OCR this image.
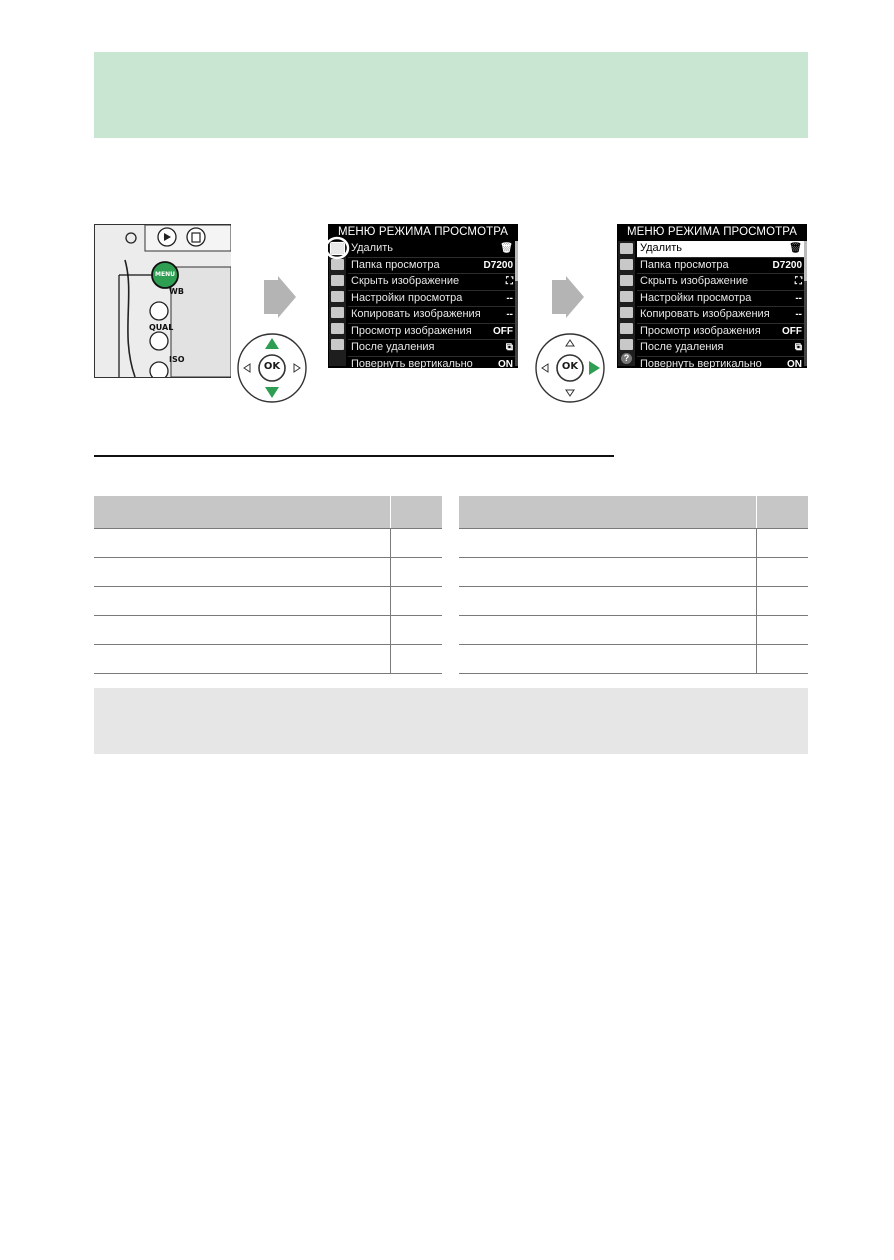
MENU
WB
QUAL
ISO
OK	OK
МЕНЮ РЕЖИМА ПРОСМОТРА
Удалить	🗑
Папка просмотра	D7200
Скрыть изображение	⛶
Настройки просмотра	--
Копировать изображения	--
Просмотр изображения OFF
После удаления	⧉
Повернуть вертикально	ON
МЕНЮ РЕЖИМА ПРОСМОТРА
?
Удалить	🗑
Папка просмотра	D7200
Скрыть изображение	⛶
Настройки просмотра	--
Копировать изображения	--
Просмотр изображения OFF
После удаления	⧉
Повернуть вертикально	ON
